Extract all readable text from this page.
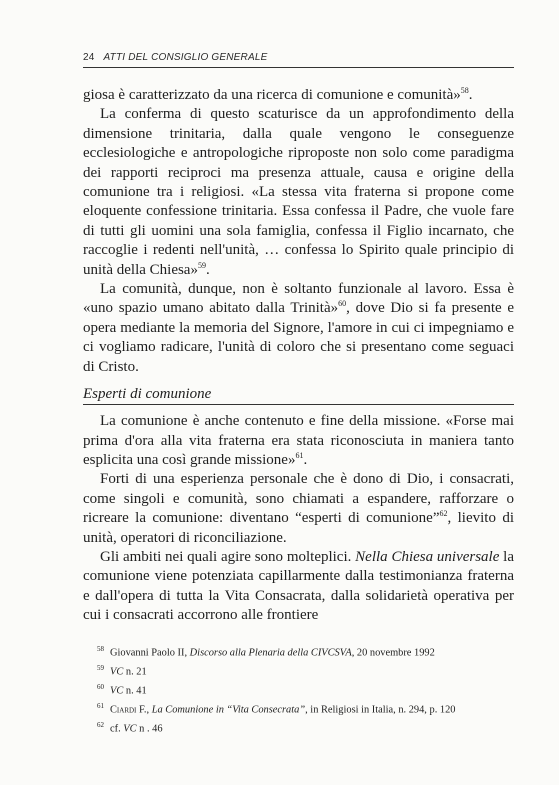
24 ATTI DEL CONSIGLIO GENERALE

giosa è caratterizzato da una ricerca di comunione e comunità»$^{58}$.

La conferma di questo scaturisce da un approfondimento della dimensione trinitaria, dalla quale vengono le conseguenze ecclesiologiche e antropologiche riproposte non solo come paradigma dei rapporti reciproci ma presenza attuale, causa e origine della comunione tra i religiosi. «La stessa vita fraterna si propone come eloquente confessione trinitaria. Essa confessa il Padre, che vuole fare di tutti gli uomini una sola famiglia, confessa il Figlio incarnato, che raccoglie i redenti nell'unità, … confessa lo Spirito quale principio di unità della Chiesa»$^{59}$.

La comunità, dunque, non è soltanto funzionale al lavoro. Essa è «uno spazio umano abitato dalla Trinità»$^{60}$, dove Dio si fa presente e opera mediante la memoria del Signore, l'amore in cui ci impegniamo e ci vogliamo radicare, l'unità di coloro che si presentano come seguaci di Cristo.

Esperti di comunione

La comunione è anche contenuto e fine della missione. «Forse mai prima d'ora alla vita fraterna era stata riconosciuta in maniera tanto esplicita una così grande missione»$^{61}$.

Forti di una esperienza personale che è dono di Dio, i consacrati, come singoli e comunità, sono chiamati a espandere, rafforzare o ricreare la comunione: diventano “esperti di comunione”$^{62}$, lievito di unità, operatori di riconciliazione.

Gli ambiti nei quali agire sono molteplici. Nella Chiesa universale la comunione viene potenziata capillarmente dalla testimonianza fraterna e dall'opera di tutta la Vita Consacrata, dalla solidarietà operativa per cui i consacrati accorrono alle frontiere

58 Giovanni Paolo II, Discorso alla Plenaria della CIVCSVA, 20 novembre 1992
59 VC n. 21
60 VC n. 41
61 Ciardi F., La Comunione in “Vita Consecrata”, in Religiosi in Italia, n. 294, p. 120
62 cf. VC n . 46
